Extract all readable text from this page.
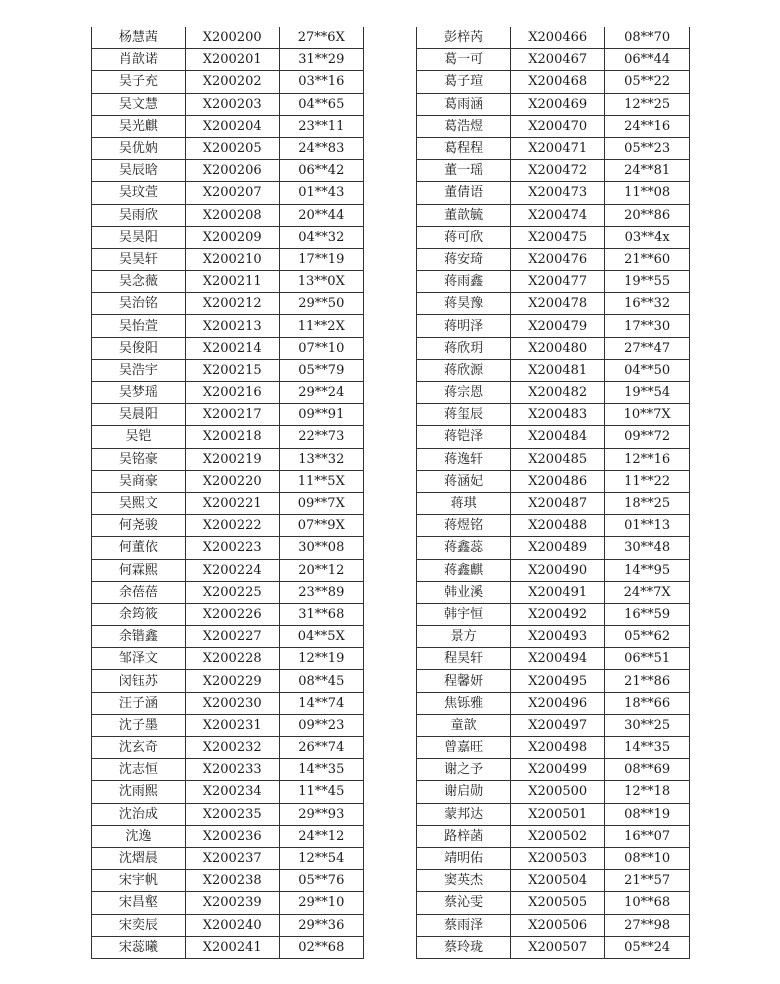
杨慧茜	X200200	27**6X
肖歆诺	X200201	31**29
吴子充	X200202	03**16
吴文慧	X200203	04**65
吴光麒	X200204	23**11
吴优妠	X200205	24**83
吴辰晗	X200206	06**42
吴玟萱	X200207	01**43
吴雨欣	X200208	20**44
吴昊阳	X200209	04**32
吴昊轩	X200210	17**19
吴念薇	X200211	13**0X
吴治铭	X200212	29**50
吴怡萱	X200213	11**2X
吴俊阳	X200214	07**10
吴浩宇	X200215	05**79
吴梦瑶	X200216	29**24
吴晨阳	X200217	09**91
吴铠	X200218	22**73
吴铭豪	X200219	13**32
吴商豪	X200220	11**5X
吴熙文	X200221	09**7X
何尧骏	X200222	07**9X
何董依	X200223	30**08
何霖熙	X200224	20**12
余蓓蓓	X200225	23**89
余筠筱	X200226	31**68
余锴鑫	X200227	04**5X
邹泽文	X200228	12**19
闵钰苏	X200229	08**45
汪子涵	X200230	14**74
沈子墨	X200231	09**23
沈玄奇	X200232	26**74
沈志恒	X200233	14**35
沈雨熙	X200234	11**45
沈治成	X200235	29**93
沈逸	X200236	24**12
沈熠晨	X200237	12**54
宋宇帆	X200238	05**76
宋昌壑	X200239	29**10
宋奕辰	X200240	29**36
宋蕊曦	X200241	02**68
彭梓芮	X200466	08**70
葛一可	X200467	06**44
葛子瑄	X200468	05**22
葛雨涵	X200469	12**25
葛浩煜	X200470	24**16
葛程程	X200471	05**23
董一瑶	X200472	24**81
董倩语	X200473	11**08
董歆毓	X200474	20**86
蒋可欣	X200475	03**4x
蒋安琦	X200476	21**60
蒋雨鑫	X200477	19**55
蒋昊豫	X200478	16**32
蒋明泽	X200479	17**30
蒋欣玥	X200480	27**47
蒋欣源	X200481	04**50
蒋宗恩	X200482	19**54
蒋玺辰	X200483	10**7X
蒋铠泽	X200484	09**72
蒋逸轩	X200485	12**16
蒋涵妃	X200486	11**22
蒋琪	X200487	18**25
蒋煜铭	X200488	01**13
蒋鑫蕊	X200489	30**48
蒋鑫麒	X200490	14**95
韩业溪	X200491	24**7X
韩宇恒	X200492	16**59
景方	X200493	05**62
程昊轩	X200494	06**51
程馨妍	X200495	21**86
焦铄雅	X200496	18**66
童歆	X200497	30**25
曾嘉旺	X200498	14**35
谢之予	X200499	08**69
谢启勋	X200500	12**18
蒙邦达	X200501	08**19
路梓菡	X200502	16**07
靖明佑	X200503	08**10
窦英杰	X200504	21**57
蔡沁雯	X200505	10**68
蔡雨泽	X200506	27**98
蔡玲珑	X200507	05**24
